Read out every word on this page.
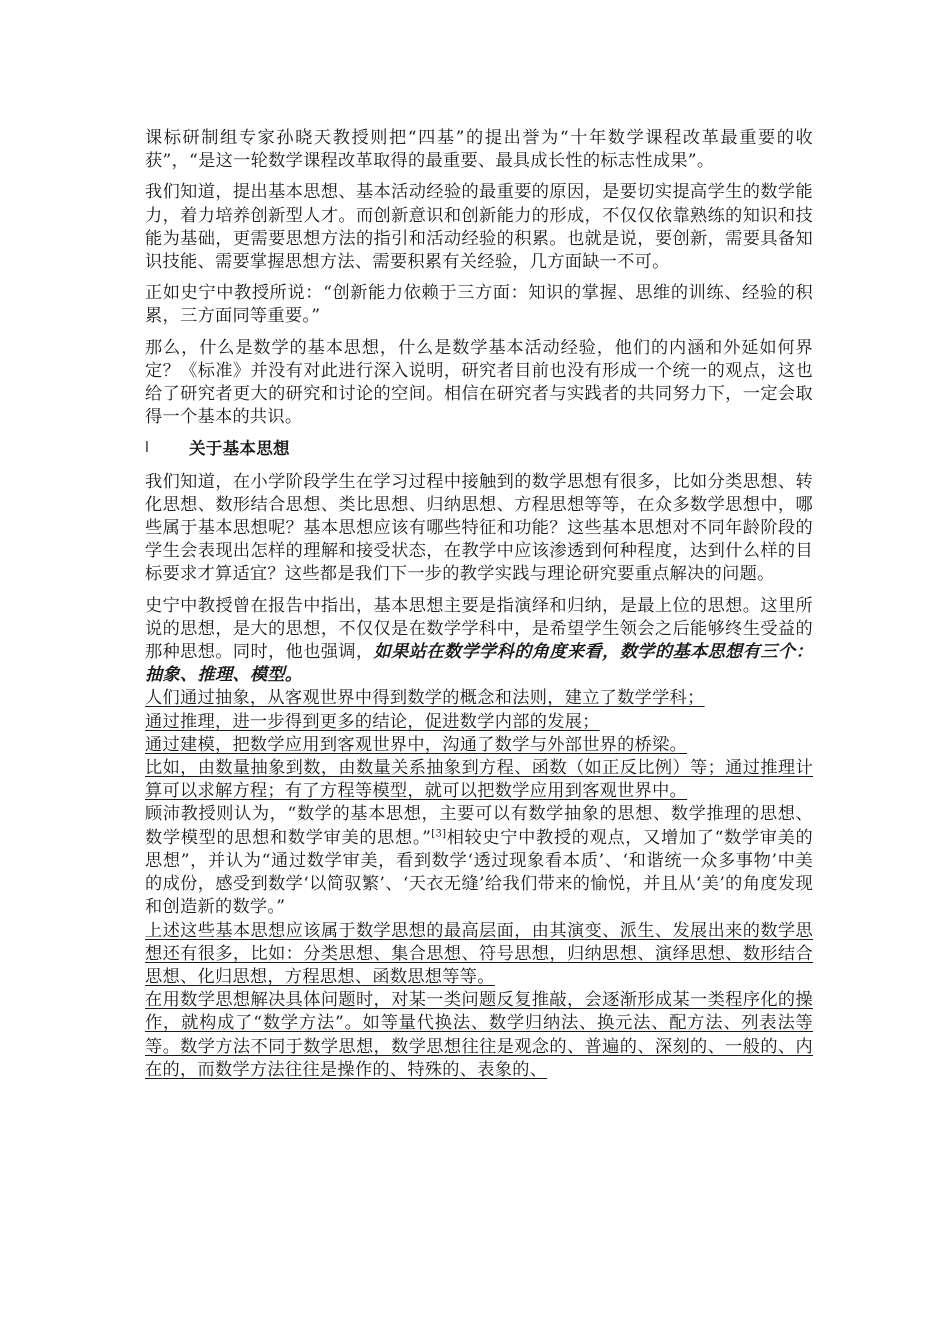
课标研制组专家孙晓天教授则把“四基”的提出誉为“十年数学课程改革最重要的收获”，“是这一轮数学课程改革取得的最重要、最具成长性的标志性成果”。

我们知道，提出基本思想、基本活动经验的最重要的原因，是要切实提高学生的数学能力，着力培养创新型人才。而创新意识和创新能力的形成，不仅仅依靠熟练的知识和技能为基础，更需要思想方法的指引和活动经验的积累。也就是说，要创新，需要具备知识技能、需要掌握思想方法、需要积累有关经验，几方面缺一不可。

正如史宁中教授所说：“创新能力依赖于三方面：知识的掌握、思维的训练、经验的积累，三方面同等重要。”

那么，什么是数学的基本思想，什么是数学基本活动经验，他们的内涵和外延如何界定？《标准》并没有对此进行深入说明，研究者目前也没有形成一个统一的观点，这也给了研究者更大的研究和讨论的空间。相信在研究者与实践者的共同努力下，一定会取得一个基本的共识。

l	关于基本思想

我们知道，在小学阶段学生在学习过程中接触到的数学思想有很多，比如分类思想、转化思想、数形结合思想、类比思想、归纳思想、方程思想等等，在众多数学思想中，哪些属于基本思想呢？基本思想应该有哪些特征和功能？这些基本思想对不同年龄阶段的学生会表现出怎样的理解和接受状态，在教学中应该渗透到何种程度，达到什么样的目标要求才算适宜？这些都是我们下一步的教学实践与理论研究要重点解决的问题。

史宁中教授曾在报告中指出，基本思想主要是指演绎和归纳，是最上位的思想。这里所说的思想，是大的思想，不仅仅是在数学学科中，是希望学生领会之后能够终生受益的那种思想。同时，他也强调，如果站在数学学科的角度来看，数学的基本思想有三个：抽象、推理、模型。

人们通过抽象，从客观世界中得到数学的概念和法则，建立了数学学科；

通过推理，进一步得到更多的结论，促进数学内部的发展；

通过建模，把数学应用到客观世界中，沟通了数学与外部世界的桥梁。

比如，由数量抽象到数，由数量关系抽象到方程、函数（如正反比例）等；通过推理计算可以求解方程；有了方程等模型，就可以把数学应用到客观世界中。

顾沛教授则认为，“数学的基本思想，主要可以有数学抽象的思想、数学推理的思想、数学模型的思想和数学审美的思想。”[3]相较史宁中教授的观点，又增加了“数学审美的思想”，并认为“通过数学审美，看到数学‘透过现象看本质’、‘和谐统一众多事物’中美的成份，感受到数学‘以简驭繁’、‘天衣无缝’给我们带来的愉悦，并且从‘美’的角度发现和创造新的数学。”

上述这些基本思想应该属于数学思想的最高层面，由其演变、派生、发展出来的数学思想还有很多，比如：分类思想、集合思想、符号思想，归纳思想、演绎思想、数形结合思想、化归思想，方程思想、函数思想等等。

在用数学思想解决具体问题时，对某一类问题反复推敲，会逐渐形成某一类程序化的操作，就构成了“数学方法”。如等量代换法、数学归纳法、换元法、配方法、列表法等等。数学方法不同于数学思想，数学思想往往是观念的、普遍的、深刻的、一般的、内在的，而数学方法往往是操作的、特殊的、表象的、
